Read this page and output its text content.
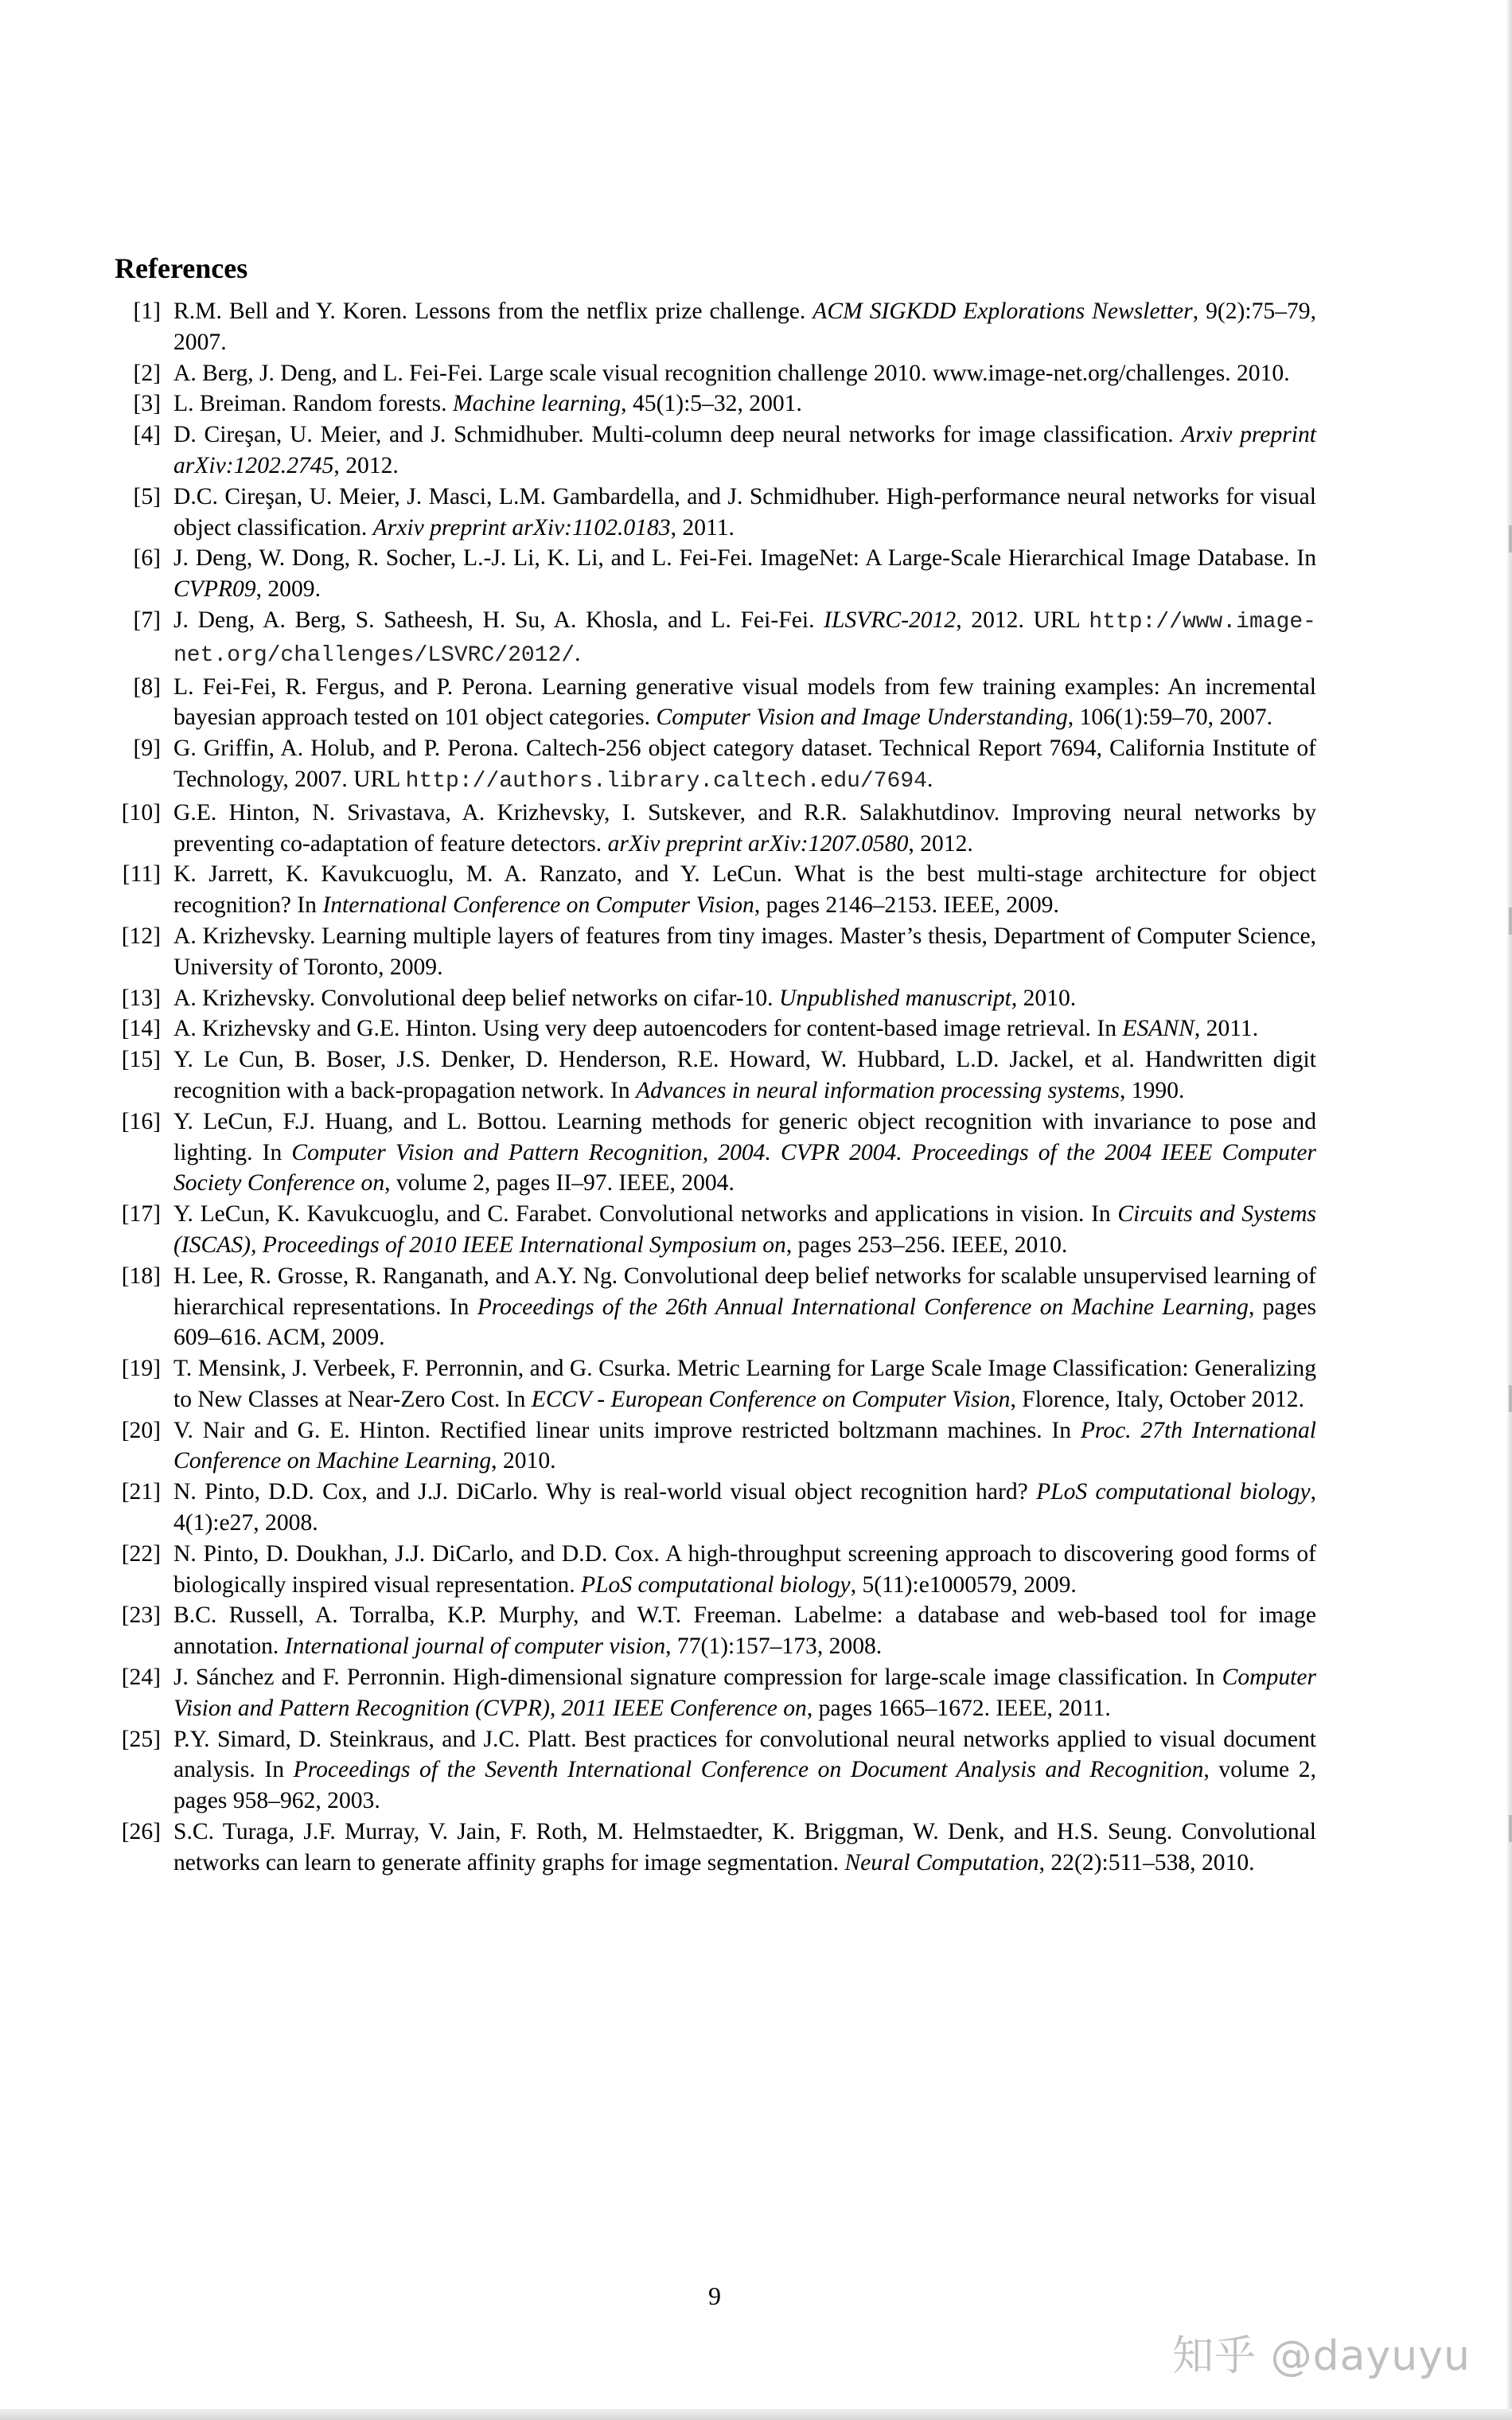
References
[1] R.M. Bell and Y. Koren. Lessons from the netflix prize challenge. ACM SIGKDD Explorations Newsletter, 9(2):75–79, 2007.
[2] A. Berg, J. Deng, and L. Fei-Fei. Large scale visual recognition challenge 2010. www.image-net.org/challenges. 2010.
[3] L. Breiman. Random forests. Machine learning, 45(1):5–32, 2001.
[4] D. Cireşan, U. Meier, and J. Schmidhuber. Multi-column deep neural networks for image classification. Arxiv preprint arXiv:1202.2745, 2012.
[5] D.C. Cireşan, U. Meier, J. Masci, L.M. Gambardella, and J. Schmidhuber. High-performance neural networks for visual object classification. Arxiv preprint arXiv:1102.0183, 2011.
[6] J. Deng, W. Dong, R. Socher, L.-J. Li, K. Li, and L. Fei-Fei. ImageNet: A Large-Scale Hierarchical Image Database. In CVPR09, 2009.
[7] J. Deng, A. Berg, S. Satheesh, H. Su, A. Khosla, and L. Fei-Fei. ILSVRC-2012, 2012. URL http://www.image-net.org/challenges/LSVRC/2012/.
[8] L. Fei-Fei, R. Fergus, and P. Perona. Learning generative visual models from few training examples: An incremental bayesian approach tested on 101 object categories. Computer Vision and Image Understanding, 106(1):59–70, 2007.
[9] G. Griffin, A. Holub, and P. Perona. Caltech-256 object category dataset. Technical Report 7694, California Institute of Technology, 2007. URL http://authors.library.caltech.edu/7694.
[10] G.E. Hinton, N. Srivastava, A. Krizhevsky, I. Sutskever, and R.R. Salakhutdinov. Improving neural networks by preventing co-adaptation of feature detectors. arXiv preprint arXiv:1207.0580, 2012.
[11] K. Jarrett, K. Kavukcuoglu, M. A. Ranzato, and Y. LeCun. What is the best multi-stage architecture for object recognition? In International Conference on Computer Vision, pages 2146–2153. IEEE, 2009.
[12] A. Krizhevsky. Learning multiple layers of features from tiny images. Master’s thesis, Department of Computer Science, University of Toronto, 2009.
[13] A. Krizhevsky. Convolutional deep belief networks on cifar-10. Unpublished manuscript, 2010.
[14] A. Krizhevsky and G.E. Hinton. Using very deep autoencoders for content-based image retrieval. In ESANN, 2011.
[15] Y. Le Cun, B. Boser, J.S. Denker, D. Henderson, R.E. Howard, W. Hubbard, L.D. Jackel, et al. Handwritten digit recognition with a back-propagation network. In Advances in neural information processing systems, 1990.
[16] Y. LeCun, F.J. Huang, and L. Bottou. Learning methods for generic object recognition with invariance to pose and lighting. In Computer Vision and Pattern Recognition, 2004. CVPR 2004. Proceedings of the 2004 IEEE Computer Society Conference on, volume 2, pages II–97. IEEE, 2004.
[17] Y. LeCun, K. Kavukcuoglu, and C. Farabet. Convolutional networks and applications in vision. In Circuits and Systems (ISCAS), Proceedings of 2010 IEEE International Symposium on, pages 253–256. IEEE, 2010.
[18] H. Lee, R. Grosse, R. Ranganath, and A.Y. Ng. Convolutional deep belief networks for scalable unsupervised learning of hierarchical representations. In Proceedings of the 26th Annual International Conference on Machine Learning, pages 609–616. ACM, 2009.
[19] T. Mensink, J. Verbeek, F. Perronnin, and G. Csurka. Metric Learning for Large Scale Image Classification: Generalizing to New Classes at Near-Zero Cost. In ECCV - European Conference on Computer Vision, Florence, Italy, October 2012.
[20] V. Nair and G. E. Hinton. Rectified linear units improve restricted boltzmann machines. In Proc. 27th International Conference on Machine Learning, 2010.
[21] N. Pinto, D.D. Cox, and J.J. DiCarlo. Why is real-world visual object recognition hard? PLoS computational biology, 4(1):e27, 2008.
[22] N. Pinto, D. Doukhan, J.J. DiCarlo, and D.D. Cox. A high-throughput screening approach to discovering good forms of biologically inspired visual representation. PLoS computational biology, 5(11):e1000579, 2009.
[23] B.C. Russell, A. Torralba, K.P. Murphy, and W.T. Freeman. Labelme: a database and web-based tool for image annotation. International journal of computer vision, 77(1):157–173, 2008.
[24] J. Sánchez and F. Perronnin. High-dimensional signature compression for large-scale image classification. In Computer Vision and Pattern Recognition (CVPR), 2011 IEEE Conference on, pages 1665–1672. IEEE, 2011.
[25] P.Y. Simard, D. Steinkraus, and J.C. Platt. Best practices for convolutional neural networks applied to visual document analysis. In Proceedings of the Seventh International Conference on Document Analysis and Recognition, volume 2, pages 958–962, 2003.
[26] S.C. Turaga, J.F. Murray, V. Jain, F. Roth, M. Helmstaedter, K. Briggman, W. Denk, and H.S. Seung. Convolutional networks can learn to generate affinity graphs for image segmentation. Neural Computation, 22(2):511–538, 2010.
9
知乎 @dayuyu
